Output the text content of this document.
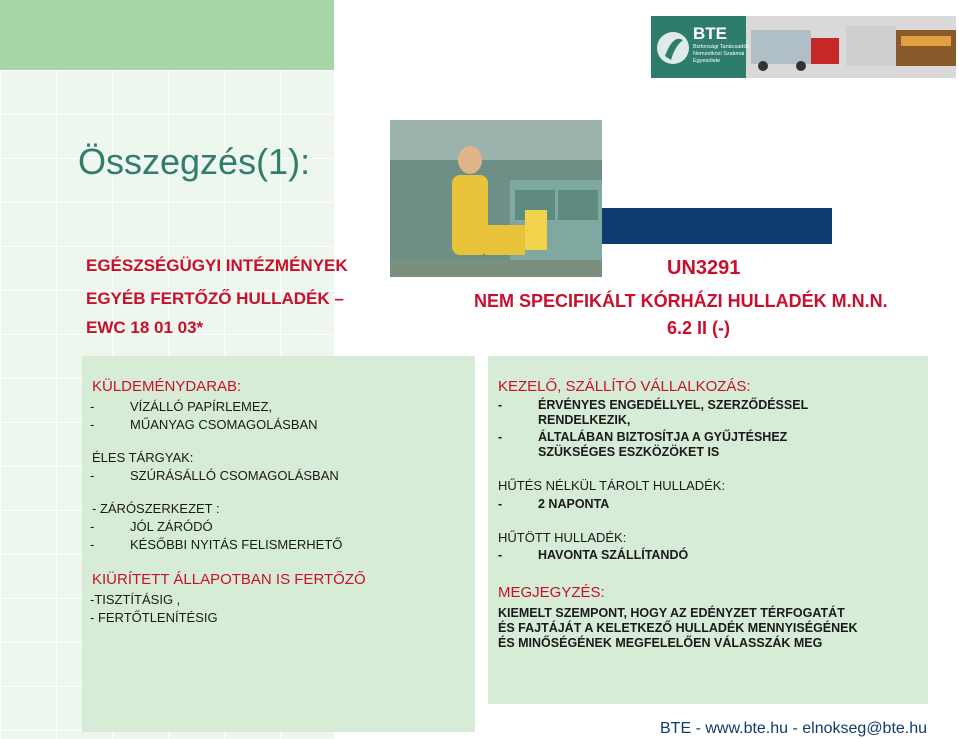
BTE
Biztonsági Tanácsadók
Nemzetközi Szakmai
Egyesülete
Összegzés(1):
EGÉSZSÉGÜGYI INTÉZMÉNYEK
EGYÉB FERTŐZŐ HULLADÉK –
EWC 18 01 03*
UN3291
NEM SPECIFIKÁLT KÓRHÁZI HULLADÉK M.N.N.
6.2 II (-)
KÜLDEMÉNYDARAB:
-	VÍZÁLLÓ PAPÍRLEMEZ,
-	MŰANYAG CSOMAGOLÁSBAN
ÉLES TÁRGYAK:
-	SZÚRÁSÁLLÓ CSOMAGOLÁSBAN
- ZÁRÓSZERKEZET :
-	JÓL ZÁRÓDÓ
-	KÉSŐBBI NYITÁS FELISMERHETŐ
KIÜRÍTETT ÁLLAPOTBAN IS FERTŐZŐ
-TISZTÍTÁSIG ,
- FERTŐTLENÍTÉSIG
KEZELŐ, SZÁLLÍTÓ VÁLLALKOZÁS:
-	ÉRVÉNYES ENGEDÉLLYEL, SZERZŐDÉSSEL
RENDELKEZIK,
-	ÁLTALÁBAN BIZTOSÍTJA A GYŰJTÉSHEZ
SZÜKSÉGES ESZKÖZÖKET IS
HŰTÉS NÉLKÜL TÁROLT HULLADÉK:
-	2 NAPONTA
HŰTÖTT HULLADÉK:
-	HAVONTA SZÁLLÍTANDÓ
MEGJEGYZÉS:
KIEMELT SZEMPONT, HOGY AZ EDÉNYZET TÉRFOGATÁT
ÉS FAJTÁJÁT A KELETKEZŐ HULLADÉK MENNYISÉGÉNEK
ÉS MINŐSÉGÉNEK MEGFELELŐEN VÁLASSZÁK MEG
BTE - www.bte.hu - elnokseg@bte.hu
